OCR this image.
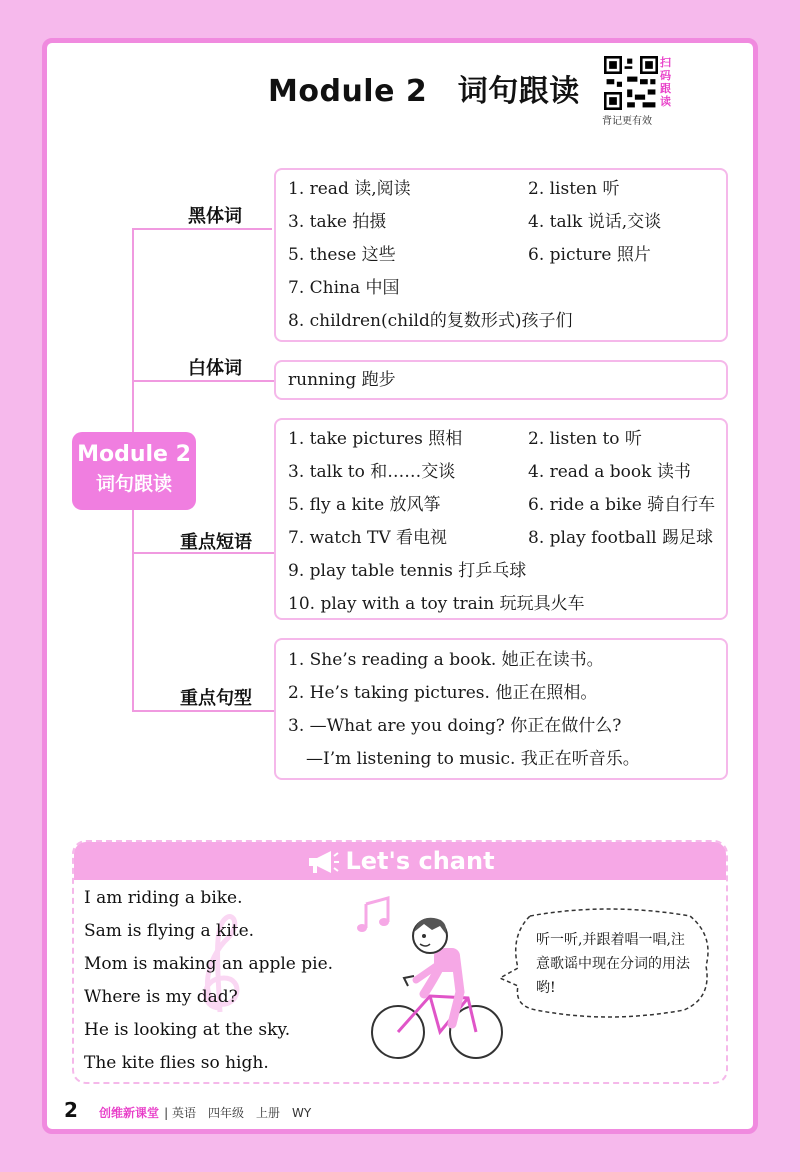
Module 2　词句跟读
扫
码
跟
读
背记更有效
Module 2
词句跟读
黑体词
白体词
重点短语
重点句型
1. read 读,阅读	2. listen 听
3. take 拍摄	4. talk 说话,交谈
5. these 这些	6. picture 照片
7. China 中国
8. children(child的复数形式)孩子们
running 跑步
1. take pictures 照相	2. listen to 听
3. talk to 和……交谈	4. read a book 读书
5. fly a kite 放风筝	6. ride a bike 骑自行车
7. watch TV 看电视	8. play football 踢足球
9. play table tennis 打乒乓球
10. play with a toy train 玩玩具火车
1. She’s reading a book. 她正在读书。
2. He’s taking pictures. 他正在照相。
3. —What are you doing? 你正在做什么?
—I’m listening to music. 我正在听音乐。
Let's chant
I am riding a bike.
Sam is flying a kite.
Mom is making an apple pie.
Where is my dad?
He is looking at the sky.
The kite flies so high.
听一听,并跟着唱一唱,注意歌谣中现在分词的用法哟!
2 创维新课堂 | 英语　四年级　上册　WY
